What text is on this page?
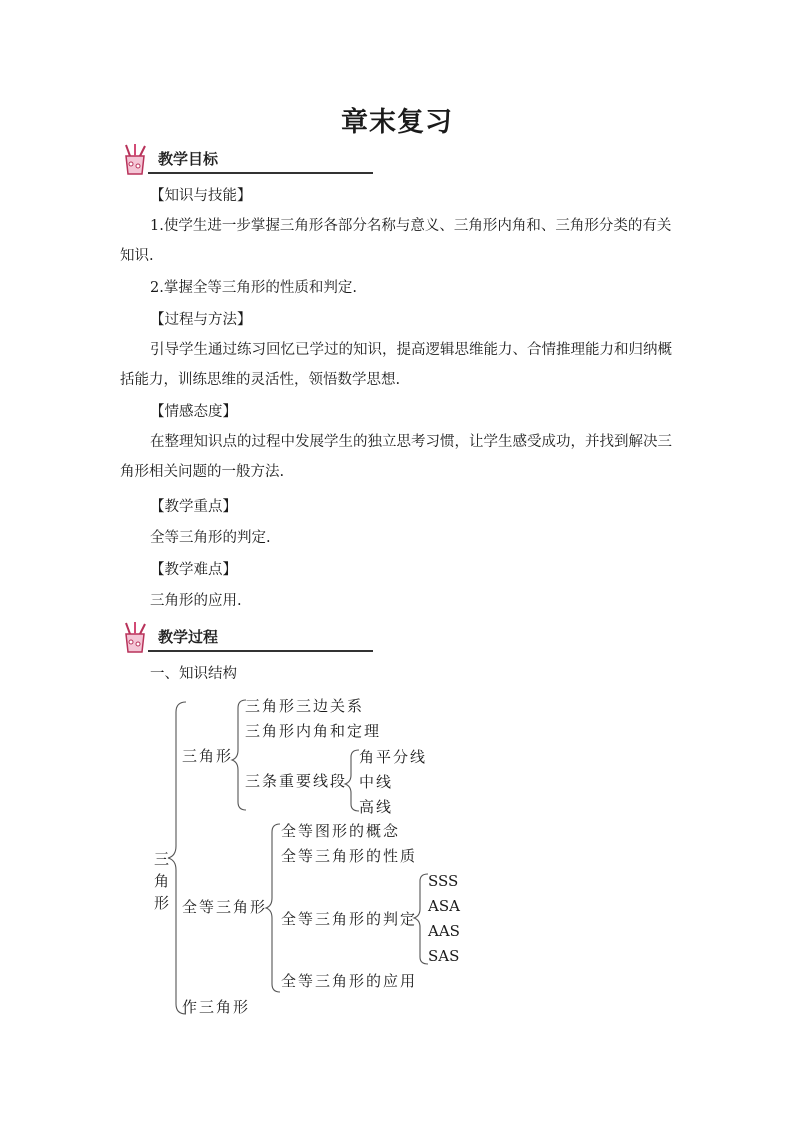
章末复习
教学目标
【知识与技能】

1.使学生进一步掌握三角形各部分名称与意义、三角形内角和、三角形分类的有关知识.

2.掌握全等三角形的性质和判定.
【过程与方法】

引导学生通过练习回忆已学过的知识，提高逻辑思维能力、合情推理能力和归纳概括能力，训练思维的灵活性，领悟数学思想.

【情感态度】

在整理知识点的过程中发展学生的独立思考习惯，让学生感受成功，并找到解决三角形相关问题的一般方法.

【教学重点】
全等三角形的判定.
【教学难点】
三角形的应用.
教学过程
一、知识结构
三角形
三角形
三角形三边关系
三角形内角和定理
三条重要线段
角平分线
中线
高线
全等三角形
全等图形的概念
全等三角形的性质
全等三角形的判定
全等三角形的应用
SSS
ASA
AAS
SAS
作三角形
